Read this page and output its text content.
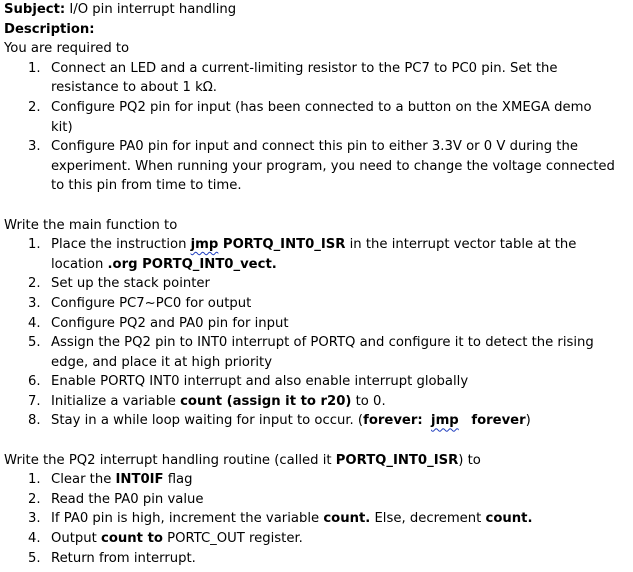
Subject: I/O pin interrupt handling
Description:
You are required to
1. Connect an LED and a current-limiting resistor to the PC7 to PC0 pin. Set the
resistance to about 1 kΩ.
2. Configure PQ2 pin for input (has been connected to a button on the XMEGA demo
kit)
3. Configure PA0 pin for input and connect this pin to either 3.3V or 0 V during the
experiment. When running your program, you need to change the voltage connected
to this pin from time to time.
Write the main function to
1. Place the instruction jmp PORTQ_INT0_ISR in the interrupt vector table at the
location .org PORTQ_INT0_vect.
2. Set up the stack pointer
3. Configure PC7~PC0 for output
4. Configure PQ2 and PA0 pin for input
5. Assign the PQ2 pin to INT0 interrupt of PORTQ and configure it to detect the rising
edge, and place it at high priority
6. Enable PORTQ INT0 interrupt and also enable interrupt globally
7. Initialize a variable count (assign it to r20) to 0.
8. Stay in a while loop waiting for input to occur. (forever: jmp forever)
Write the PQ2 interrupt handling routine (called it PORTQ_INT0_ISR) to
1. Clear the INT0IF flag
2. Read the PA0 pin value
3. If PA0 pin is high, increment the variable count. Else, decrement count.
4. Output count to PORTC_OUT register.
5. Return from interrupt.
